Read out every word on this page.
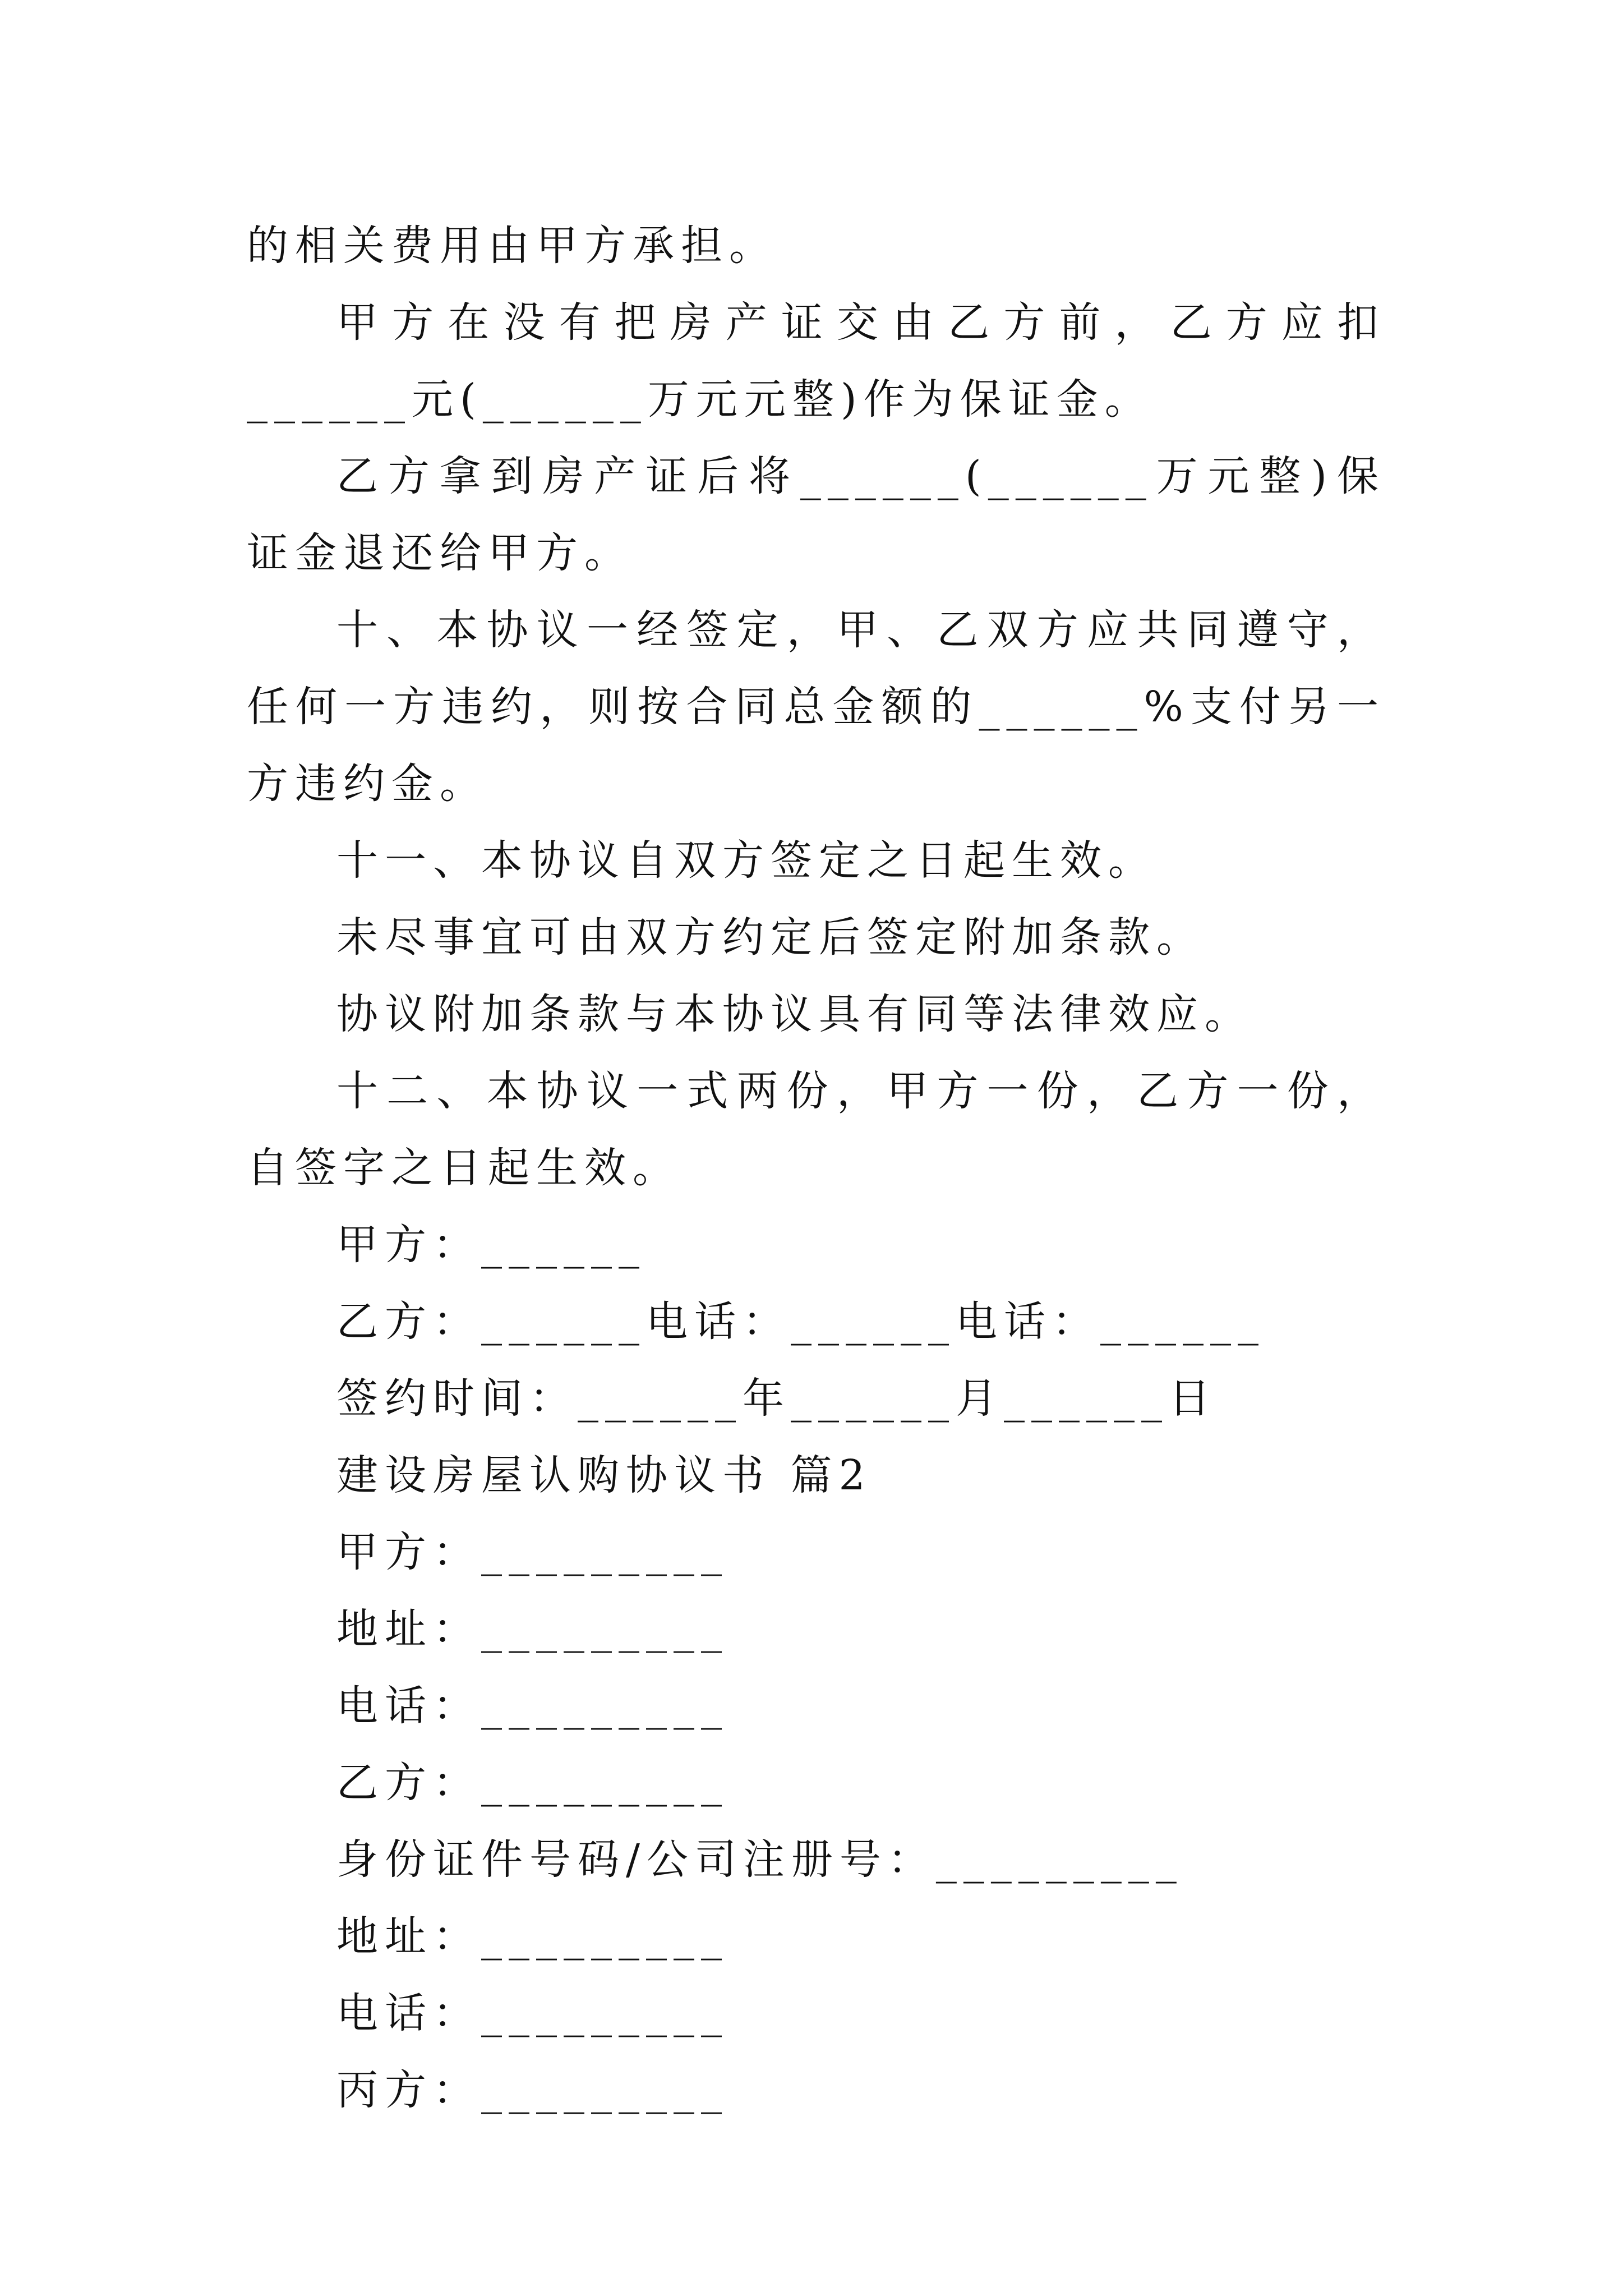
的相关费用由甲方承担。

甲方在没有把房产证交由乙方前，乙方应扣______元(______万元元整)作为保证金。

乙方拿到房产证后将______(______万元整)保证金退还给甲方。

十、本协议一经签定，甲、乙双方应共同遵守，任何一方违约，则按合同总金额的______%支付另一方违约金。

十一、本协议自双方签定之日起生效。

未尽事宜可由双方约定后签定附加条款。

协议附加条款与本协议具有同等法律效应。

十二、本协议一式两份，甲方一份，乙方一份，自签字之日起生效。

甲方：______
乙方：______电话：______电话：______
签约时间：______年______月______日
建设房屋认购协议书 篇2
甲方：_________
地址：_________
电话：_________
乙方：_________
身份证件号码/公司注册号：_________
地址：_________
电话：_________
丙方：_________
